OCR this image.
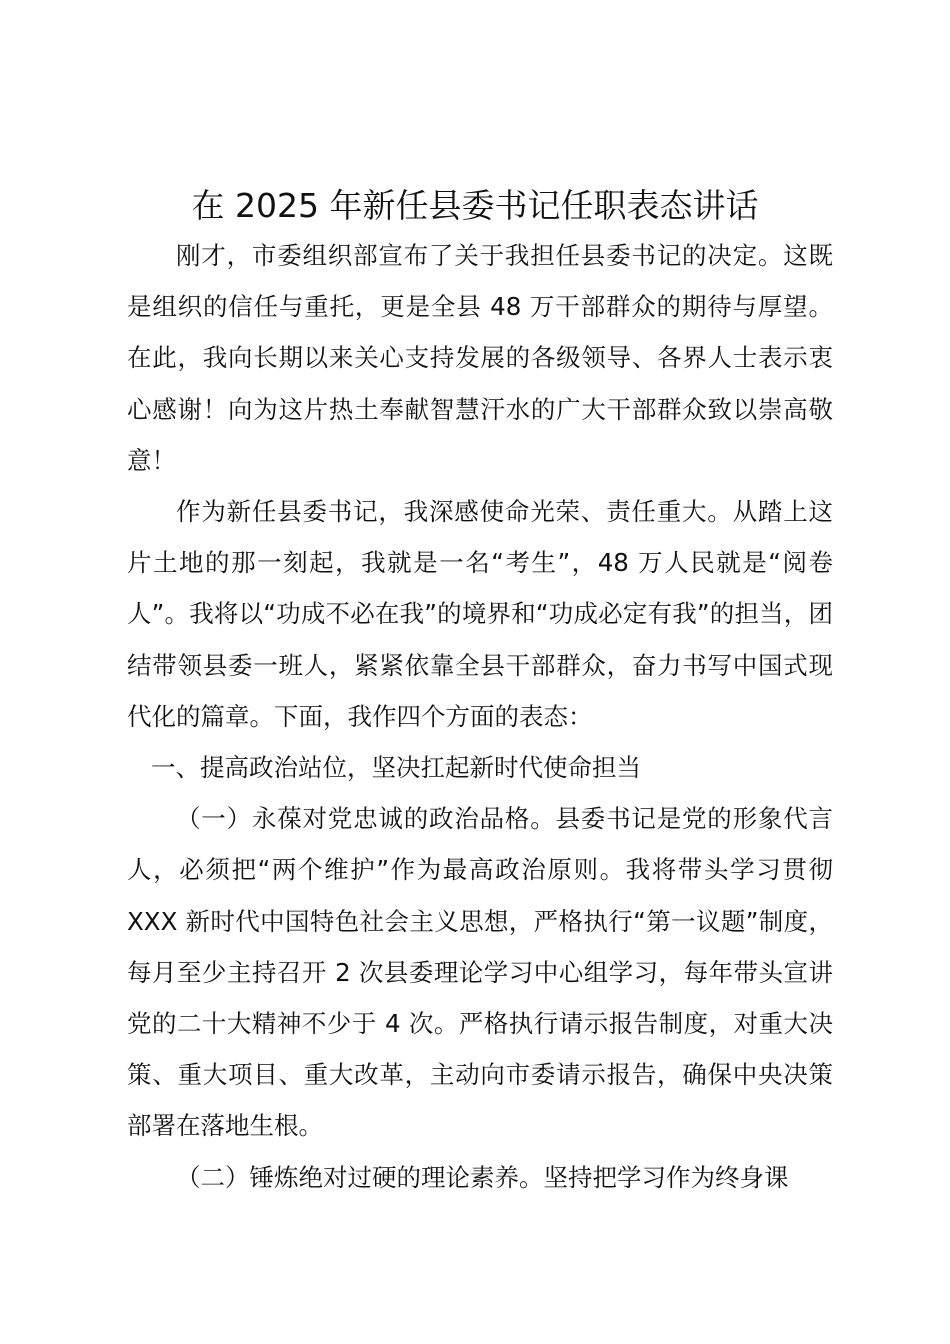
在 2025 年新任县委书记任职表态讲话

刚才，市委组织部宣布了关于我担任县委书记的决定。这既是组织的信任与重托，更是全县 48 万干部群众的期待与厚望。在此，我向长期以来关心支持发展的各级领导、各界人士表示衷心感谢！向为这片热土奉献智慧汗水的广大干部群众致以崇高敬意！

作为新任县委书记，我深感使命光荣、责任重大。从踏上这片土地的那一刻起，我就是一名“考生”，48 万人民就是“阅卷人”。我将以“功成不必在我”的境界和“功成必定有我”的担当，团结带领县委一班人，紧紧依靠全县干部群众，奋力书写中国式现代化的篇章。下面，我作四个方面的表态：

一、提高政治站位，坚决扛起新时代使命担当

（一）永葆对党忠诚的政治品格。县委书记是党的形象代言人，必须把“两个维护”作为最高政治原则。我将带头学习贯彻 XXX 新时代中国特色社会主义思想，严格执行“第一议题”制度，每月至少主持召开 2 次县委理论学习中心组学习，每年带头宣讲党的二十大精神不少于 4 次。严格执行请示报告制度，对重大决策、重大项目、重大改革，主动向市委请示报告，确保中央决策部署在落地生根。

（二）锤炼绝对过硬的理论素养。坚持把学习作为终身课
